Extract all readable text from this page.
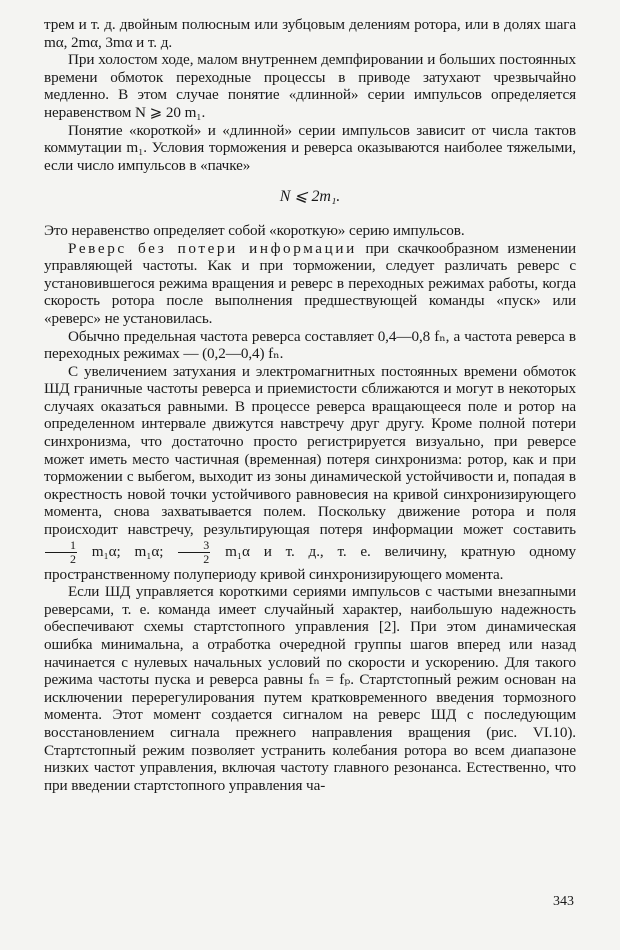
трем и т. д. двойным полюсным или зубцовым делениям ротора, или в долях шага mα, 2mα, 3mα и т. д.

При холостом ходе, малом внутреннем демпфировании и больших постоянных времени обмоток переходные процессы в приводе затухают чрезвычайно медленно. В этом случае понятие «длинной» серии импульсов определяется неравенством N ⩾ 20 m₁.

Понятие «короткой» и «длинной» серии импульсов зависит от числа тактов коммутации m₁. Условия торможения и реверса оказываются наиболее тяжелыми, если число импульсов в «пачке»

N ⩽ 2m₁.

Это неравенство определяет собой «короткую» серию импульсов.

Реверс без потери информации при скачкообразном изменении управляющей частоты. Как и при торможении, следует различать реверс с установившегося режима вращения и реверс в переходных режимах работы, когда скорость ротора после выполнения предшествующей команды «пуск» или «реверс» не установилась.

Обычно предельная частота реверса составляет 0,4—0,8 fₙ, а частота реверса в переходных режимах — (0,2—0,4) fₙ.

С увеличением затухания и электромагнитных постоянных времени обмоток ШД граничные частоты реверса и приемистости сближаются и могут в некоторых случаях оказаться равными. В процессе реверса вращающееся поле и ротор на определенном интервале движутся навстречу друг другу. Кроме полной потери синхронизма, что достаточно просто регистрируется визуально, при реверсе может иметь место частичная (временная) потеря синхронизма: ротор, как и при торможении с выбегом, выходит из зоны динамической устойчивости и, попадая в окрестность новой точки устойчивого равновесия на кривой синхронизирующего момента, снова захватывается полем. Поскольку движение ротора и поля происходит навстречу, результирующая потеря информации может составить
$\frac{1}{2} m_1\alpha$; m₁α; $\frac{3}{2} m_1\alpha$ и т. д., т. е. величину, кратную одному пространственному полупериоду кривой синхронизирующего момента.

Если ШД управляется короткими сериями импульсов с частыми внезапными реверсами, т. е. команда имеет случайный характер, наибольшую надежность обеспечивают схемы стартстопного управления [2]. При этом динамическая ошибка минимальна, а отработка очередной группы шагов вперед или назад начинается с нулевых начальных условий по скорости и ускорению. Для такого режима частоты пуска и реверса равны fₙ = fₚ. Стартстопный режим основан на исключении перерегулирования путем кратковременного введения тормозного момента. Этот момент создается сигналом на реверс ШД с последующим восстановлением сигнала прежнего направления вращения (рис. VI.10). Стартстопный режим позволяет устранить колебания ротора во всем диапазоне низких частот управления, включая частоту главного резонанса. Естественно, что при введении стартстопного управления ча-

343
